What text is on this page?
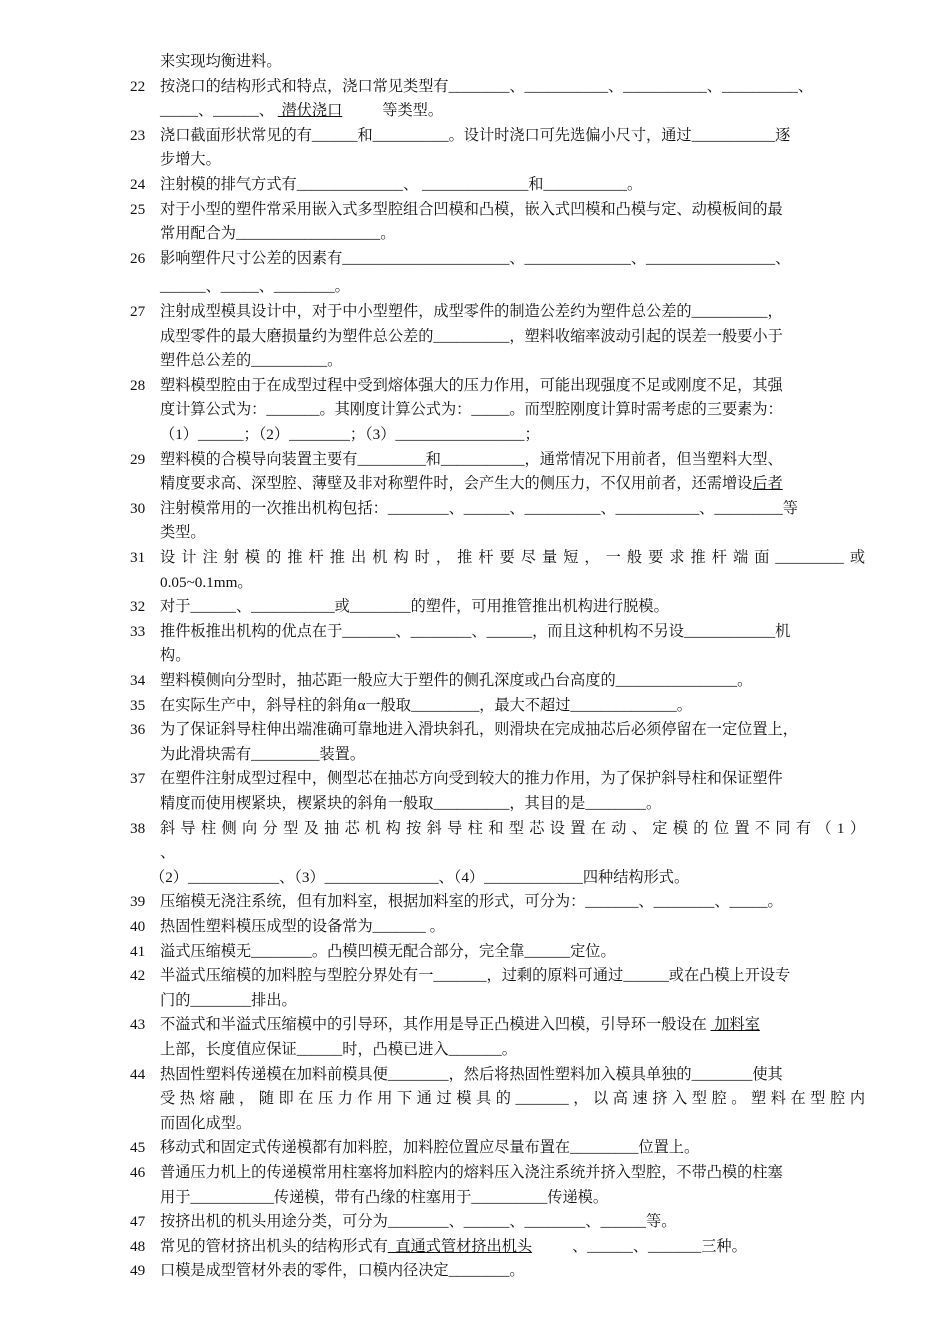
来实现均衡进料。
22 按浇口的结构形式和特点，浇口常见类型有________、___________、___________、__________、
_____、______、  潜伏浇口	等类型。
23 浇口截面形状常见的有______和__________。设计时浇口可先选偏小尺寸，通过___________逐
步增大。
24 注射模的排气方式有______________、 ______________和___________。
25 对于小型的塑件常采用嵌入式多型腔组合凹模和凸模，嵌入式凹模和凸模与定、动模板间的最
常用配合为___________________。
26 影响塑件尺寸公差的因素有______________________、______________、_________________、
______、_____、________。
27 注射成型模具设计中，对于中小型塑件，成型零件的制造公差约为塑件总公差的__________，
成型零件的最大磨损量约为塑件总公差的__________，塑料收缩率波动引起的误差一般要小于
塑件总公差的__________。
28 塑料模型腔由于在成型过程中受到熔体强大的压力作用，可能出现强度不足或刚度不足，其强
度计算公式为：_______。其刚度计算公式为：_____。而型腔刚度计算时需考虑的三要素为：
（1）______；（2）________；（3）_________________；
29 塑料模的合模导向装置主要有_________和___________，通常情况下用前者，但当塑料大型、
精度要求高、深型腔、薄壁及非对称塑件时，会产生大的侧压力，不仅用前者，还需增设后者
30 注射模常用的一次推出机构包括：________、______、__________、___________、_________等
类型。
31 设计注射模的推杆推出机构时，推杆要尽量短，一般要求推杆端面_________或
0.05~0.1mm。
32 对于______、___________或________的塑件，可用推管推出机构进行脱模。
33 推件板推出机构的优点在于_______、________、______，而且这种机构不另设____________机
构。
34 塑料模侧向分型时，抽芯距一般应大于塑件的侧孔深度或凸台高度的________________。
35 在实际生产中，斜导柱的斜角α一般取_________，最大不超过______________。
36 为了保证斜导柱伸出端准确可靠地进入滑块斜孔，则滑块在完成抽芯后必须停留在一定位置上，
为此滑块需有_________装置。
37 在塑件注射成型过程中，侧型芯在抽芯方向受到较大的推力作用，为了保护斜导柱和保证塑件
精度而使用楔紧块，楔紧块的斜角一般取__________，其目的是________。
38 斜导柱侧向分型及抽芯机构按斜导柱和型芯设置在动、定模的位置不同有（1）
、
（2）____________、（3）_______________、（4）_____________四种结构形式。
39 压缩模无浇注系统，但有加料室，根据加料室的形式，可分为：_______、________、_____。
40 热固性塑料模压成型的设备常为_______ 。
41 溢式压缩模无________。凸模凹模无配合部分，完全靠______定位。
42 半溢式压缩模的加料腔与型腔分界处有一_______，过剩的原料可通过______或在凸模上开设专
门的________排出。
43 不溢式和半溢式压缩模中的引导环，其作用是导正凸模进入凹模，引导环一般设在  加料室
上部，长度值应保证______时，凸模已进入_______。
44 热固性塑料传递模在加料前模具便________，然后将热固性塑料加入模具单独的________使其
受热熔融，随即在压力作用下通过模具的_______，以高速挤入型腔。塑料在型腔内
而固化成型。
45 移动式和固定式传递模都有加料腔，加料腔位置应尽量布置在_________位置上。
46 普通压力机上的传递模常用柱塞将加料腔内的熔料压入浇注系统并挤入型腔，不带凸模的柱塞
用于___________传递模，带有凸缘的柱塞用于__________传递模。
47 按挤出机的机头用途分类，可分为________、______、________、______等。
48 常见的管材挤出机头的结构形式有  直通式管材挤出机头	、______、_______三种。
49 口模是成型管材外表的零件，口模内径决定________。
